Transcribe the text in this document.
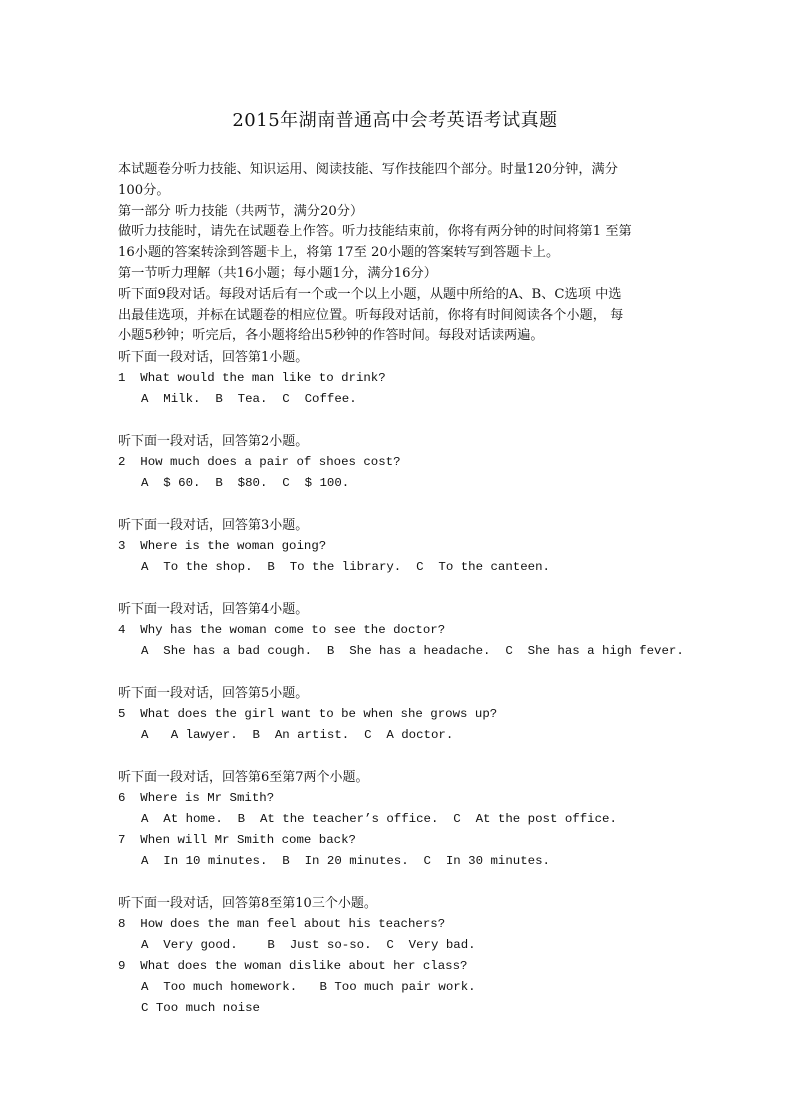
2015年湖南普通高中会考英语考试真题
本试题卷分听力技能、知识运用、阅读技能、写作技能四个部分。时量120分钟，满分
100分。
第一部分 听力技能（共两节，满分20分）
做听力技能时，请先在试题卷上作答。听力技能结束前，你将有两分钟的时间将第1 至第
16小题的答案转涂到答题卡上，将第 17至 20小题的答案转写到答题卡上。
第一节听力理解（共16小题；每小题1分，满分16分）
听下面9段对话。每段对话后有一个或一个以上小题，从题中所给的A、B、C选项 中选
出最佳选项，并标在试题卷的相应位置。听每段对话前，你将有时间阅读各个小题， 每
小题5秒钟；听完后，各小题将给出5秒钟的作答时间。每段对话读两遍。
听下面一段对话，回答第1小题。
1  What would the man like to drink?
A  Milk.  B  Tea.  C  Coffee.
听下面一段对话，回答第2小题。
2  How much does a pair of shoes cost?
A  $ 60.  B  $80.  C  $ 100.
听下面一段对话，回答第3小题。
3  Where is the woman going?
A  To the shop.  B  To the library.  C  To the canteen.
听下面一段对话，回答第4小题。
4  Why has the woman come to see the doctor?
A  She has a bad cough.  B  She has a headache.  C  She has a high fever.
听下面一段对话，回答第5小题。
5  What does the girl want to be when she grows up?
A   A lawyer.  B  An artist.  C  A doctor.
听下面一段对话，回答第6至第7两个小题。
6  Where is Mr Smith?
A  At home.  B  At the teacher’s office.  C  At the post office.
7  When will Mr Smith come back?
A  In 10 minutes.  B  In 20 minutes.  C  In 30 minutes.
听下面一段对话，回答第8至第10三个小题。
8  How does the man feel about his teachers?
A  Very good.    B  Just so-so.  C  Very bad.
9  What does the woman dislike about her class?
A  Too much homework.   B Too much pair work.
C Too much noise
